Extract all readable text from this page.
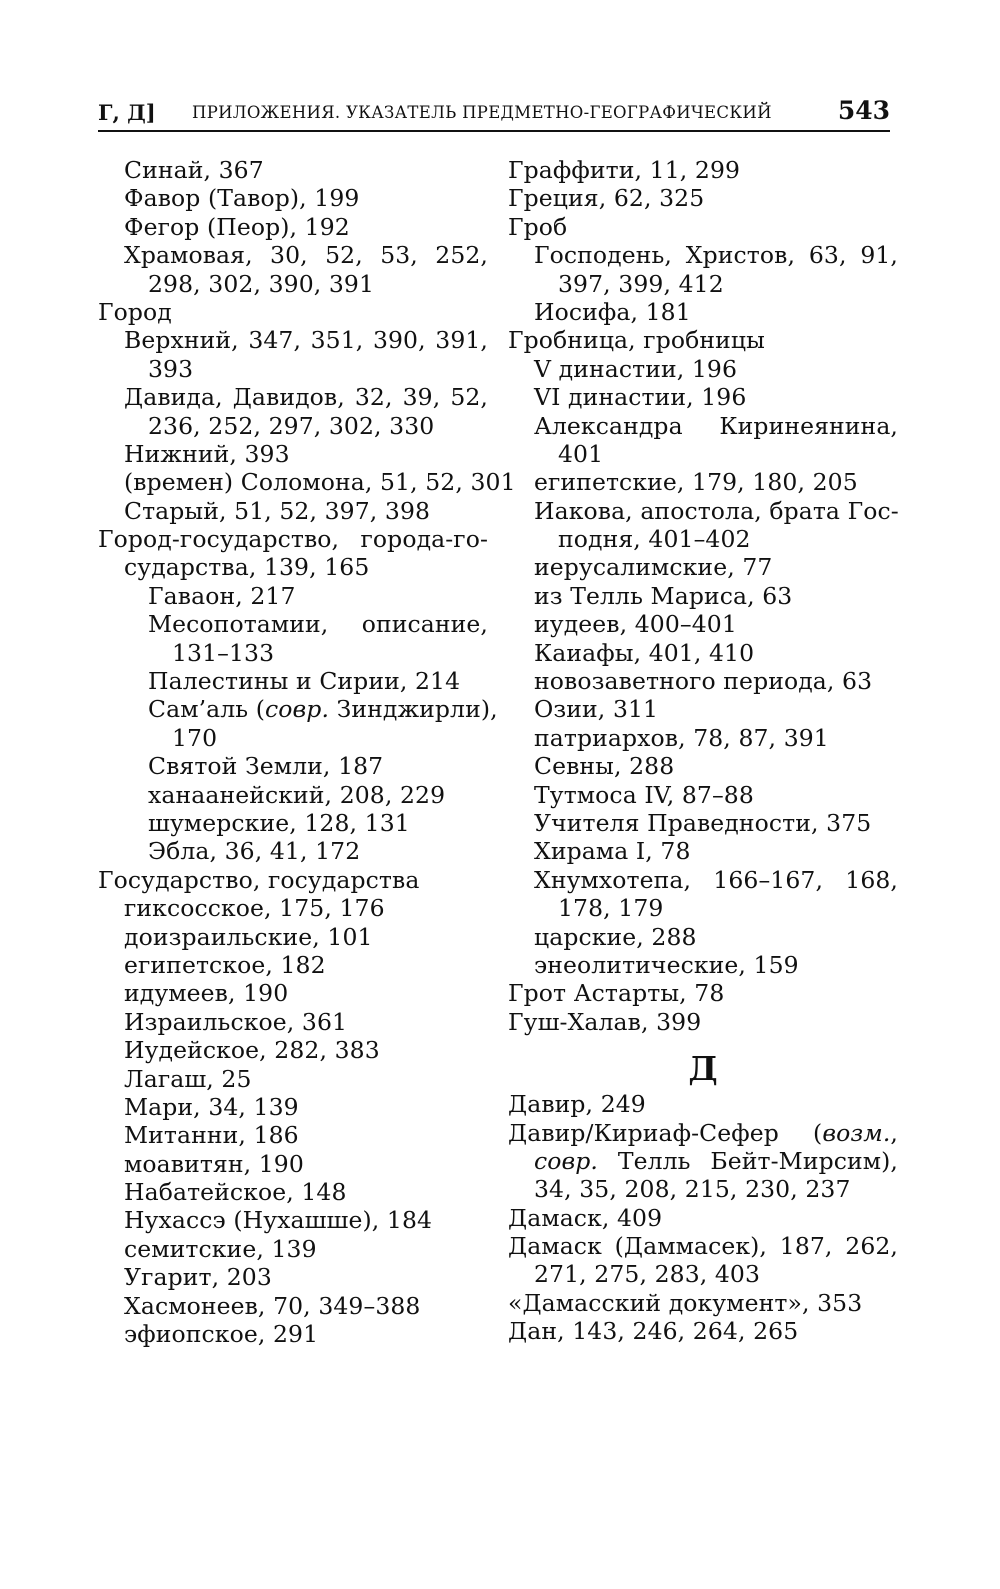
Г, Д] ПРИЛОЖЕНИЯ. УКАЗАТЕЛЬ ПРЕДМЕТНО-ГЕОГРАФИЧЕСКИЙ	543
Синай, 367
Фавор (Тавор), 199
Фегор (Пеор), 192
Храмовая, 30, 52, 53, 252,
298, 302, 390, 391
Город
Верхний, 347, 351, 390, 391,
393
Давида, Давидов, 32, 39, 52,
236, 252, 297, 302, 330
Нижний, 393
(времен) Соломона, 51, 52, 301
Старый, 51, 52, 397, 398
Город-государство, города-го-
сударства, 139, 165
Гаваон, 217
Месопотамии, описание,
131–133
Палестины и Сирии, 214
Сам’аль (совр. Зинджирли),
170
Святой Земли, 187
ханаанейский, 208, 229
шумерские, 128, 131
Эбла, 36, 41, 172
Государство, государства
гиксосское, 175, 176
доизраильские, 101
египетское, 182
идумеев, 190
Израильское, 361
Иудейское, 282, 383
Лагаш, 25
Мари, 34, 139
Митанни, 186
моавитян, 190
Набатейское, 148
Нухассэ (Нухашше), 184
семитские, 139
Угарит, 203
Хасмонеев, 70, 349–388
эфиопское, 291
Граффити, 11, 299
Греция, 62, 325
Гроб
Господень, Христов, 63, 91,
397, 399, 412
Иосифа, 181
Гробница, гробницы
V династии, 196
VI династии, 196
Александра Киринеянина,
401
египетские, 179, 180, 205
Иакова, апостола, брата Гос-
подня, 401–402
иерусалимские, 77
из Телль Мариса, 63
иудеев, 400–401
Каиафы, 401, 410
новозаветного периода, 63
Озии, 311
патриархов, 78, 87, 391
Севны, 288
Тутмоса IV, 87–88
Учителя Праведности, 375
Хирама I, 78
Хнумхотепа, 166–167, 168,
178, 179
царские, 288
энеолитические, 159
Грот Астарты, 78
Гуш-Халав, 399
Д
Давир, 249
Давир/Кириаф-Сефер (возм.,
совр. Телль Бейт-Мирсим),
34, 35, 208, 215, 230, 237
Дамаск, 409
Дамаск (Даммасек), 187, 262,
271, 275, 283, 403
«Дамасский документ», 353
Дан, 143, 246, 264, 265
